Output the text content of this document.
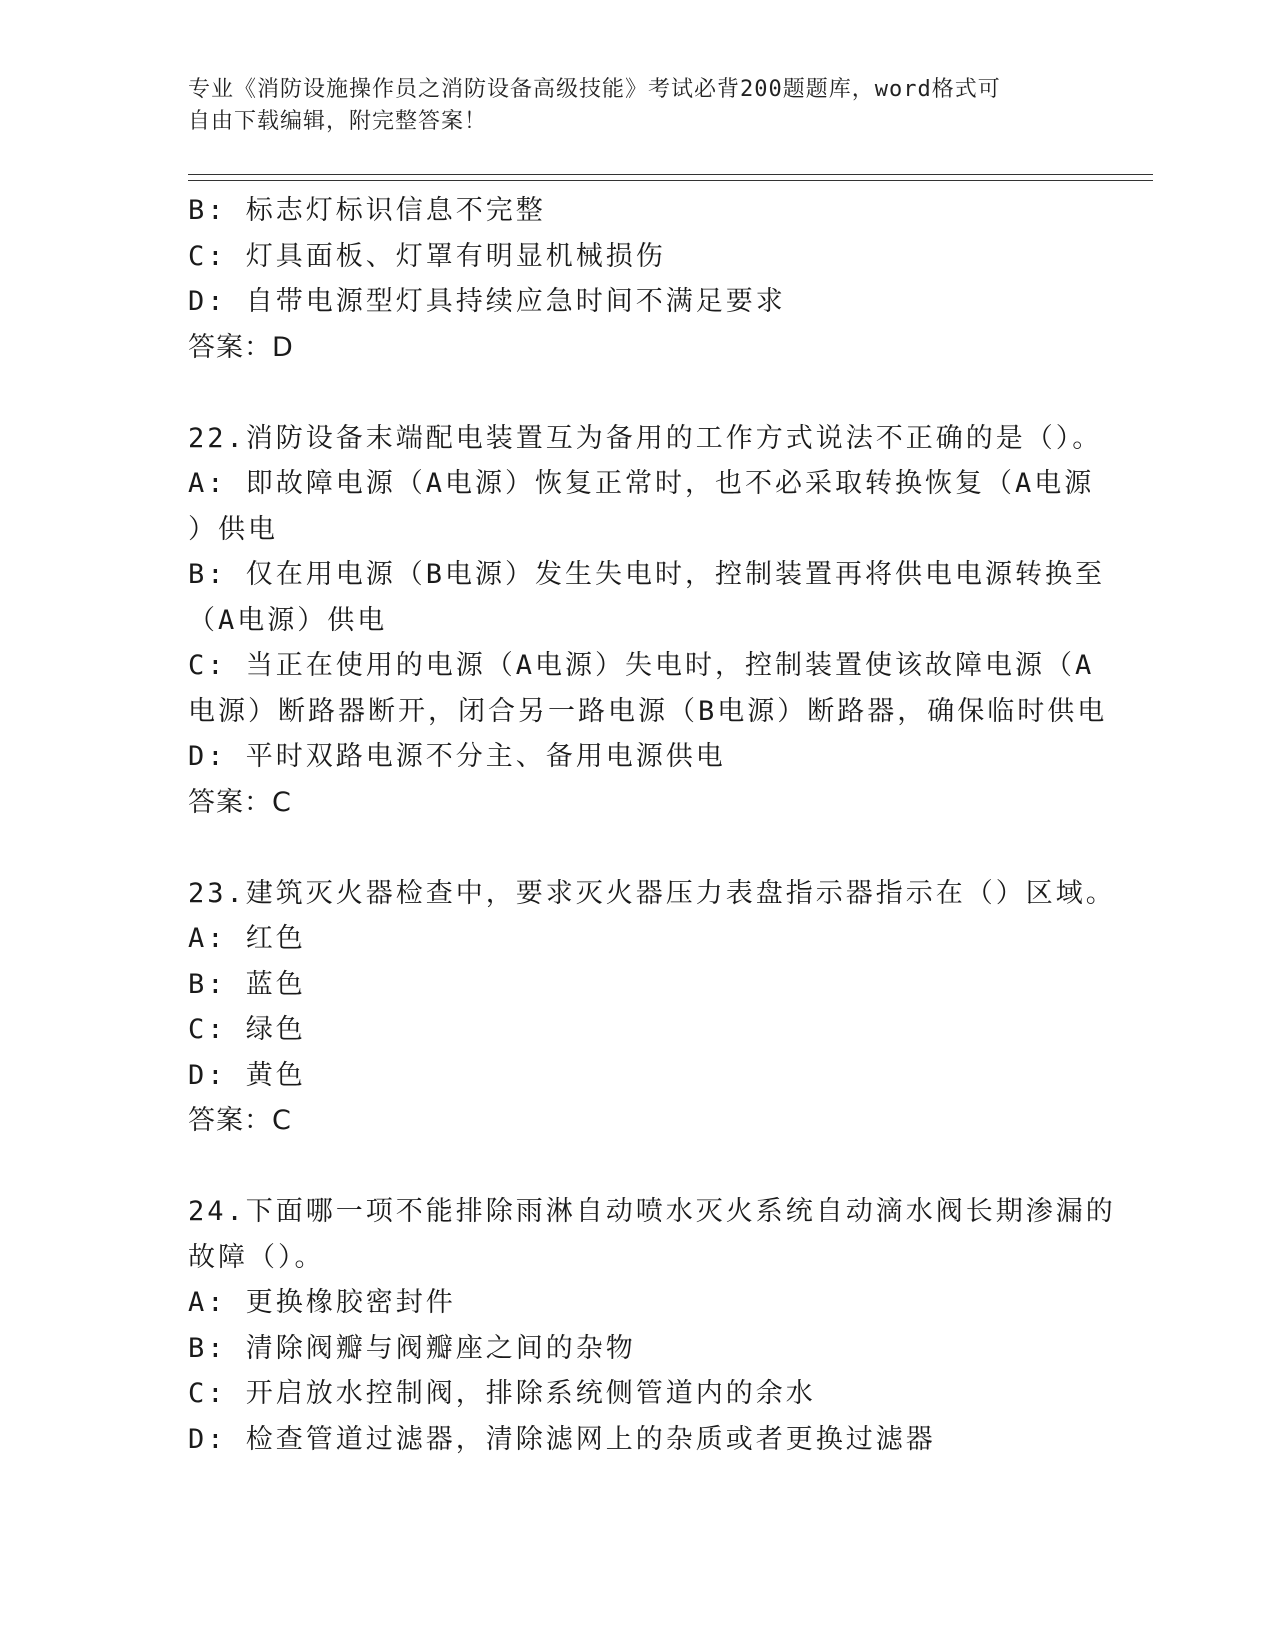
专业《消防设施操作员之消防设备高级技能》考试必背200题题库，word格式可
自由下载编辑，附完整答案！
B: 标志灯标识信息不完整
C: 灯具面板、灯罩有明显机械损伤
D: 自带电源型灯具持续应急时间不满足要求
答案：D
22.消防设备末端配电装置互为备用的工作方式说法不正确的是（）。
A: 即故障电源（A电源）恢复正常时，也不必采取转换恢复（A电源
）供电
B: 仅在用电源（B电源）发生失电时，控制装置再将供电电源转换至
（A电源）供电
C: 当正在使用的电源（A电源）失电时，控制装置使该故障电源（A
电源）断路器断开，闭合另一路电源（B电源）断路器，确保临时供电
D: 平时双路电源不分主、备用电源供电
答案：C
23.建筑灭火器检查中，要求灭火器压力表盘指示器指示在（）区域。
A: 红色
B: 蓝色
C: 绿色
D: 黄色
答案：C
24.下面哪一项不能排除雨淋自动喷水灭火系统自动滴水阀长期渗漏的
故障（）。
A: 更换橡胶密封件
B: 清除阀瓣与阀瓣座之间的杂物
C: 开启放水控制阀，排除系统侧管道内的余水
D: 检查管道过滤器，清除滤网上的杂质或者更换过滤器
